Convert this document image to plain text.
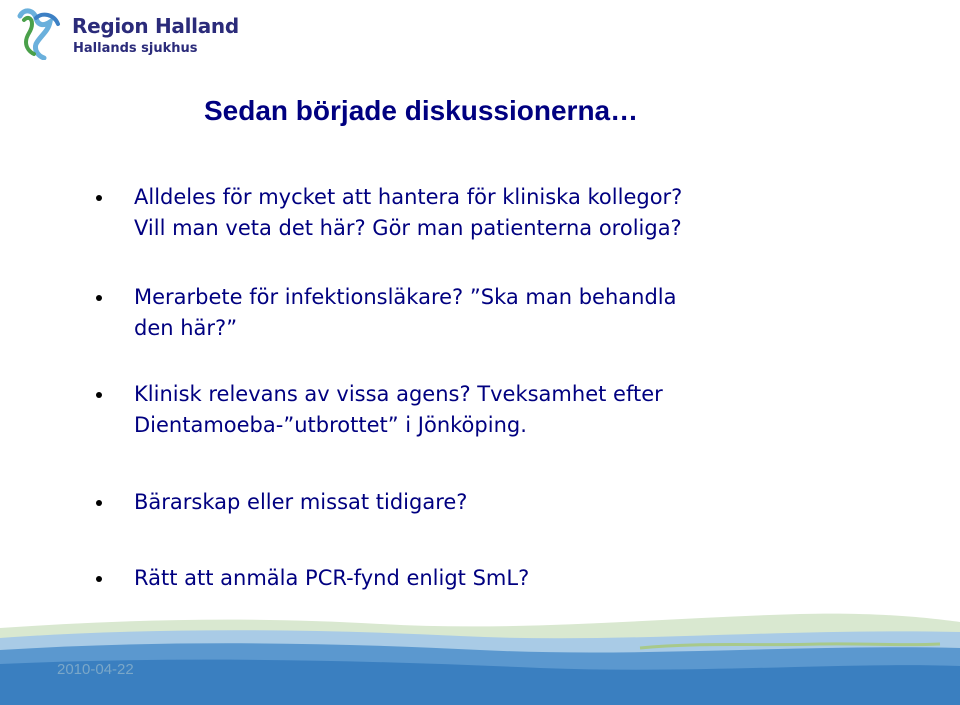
Region Halland
Hallands sjukhus
Sedan började diskussionerna…
Alldeles för mycket att hantera för kliniska kollegor?
Vill man veta det här? Gör man patienterna oroliga?
Merarbete för infektionsläkare? ”Ska man behandla
den här?”
Klinisk relevans av vissa agens? Tveksamhet efter
Dientamoeba-”utbrottet” i Jönköping.
Bärarskap eller missat tidigare?
Rätt att anmäla PCR-fynd enligt SmL?
2010-04-22
